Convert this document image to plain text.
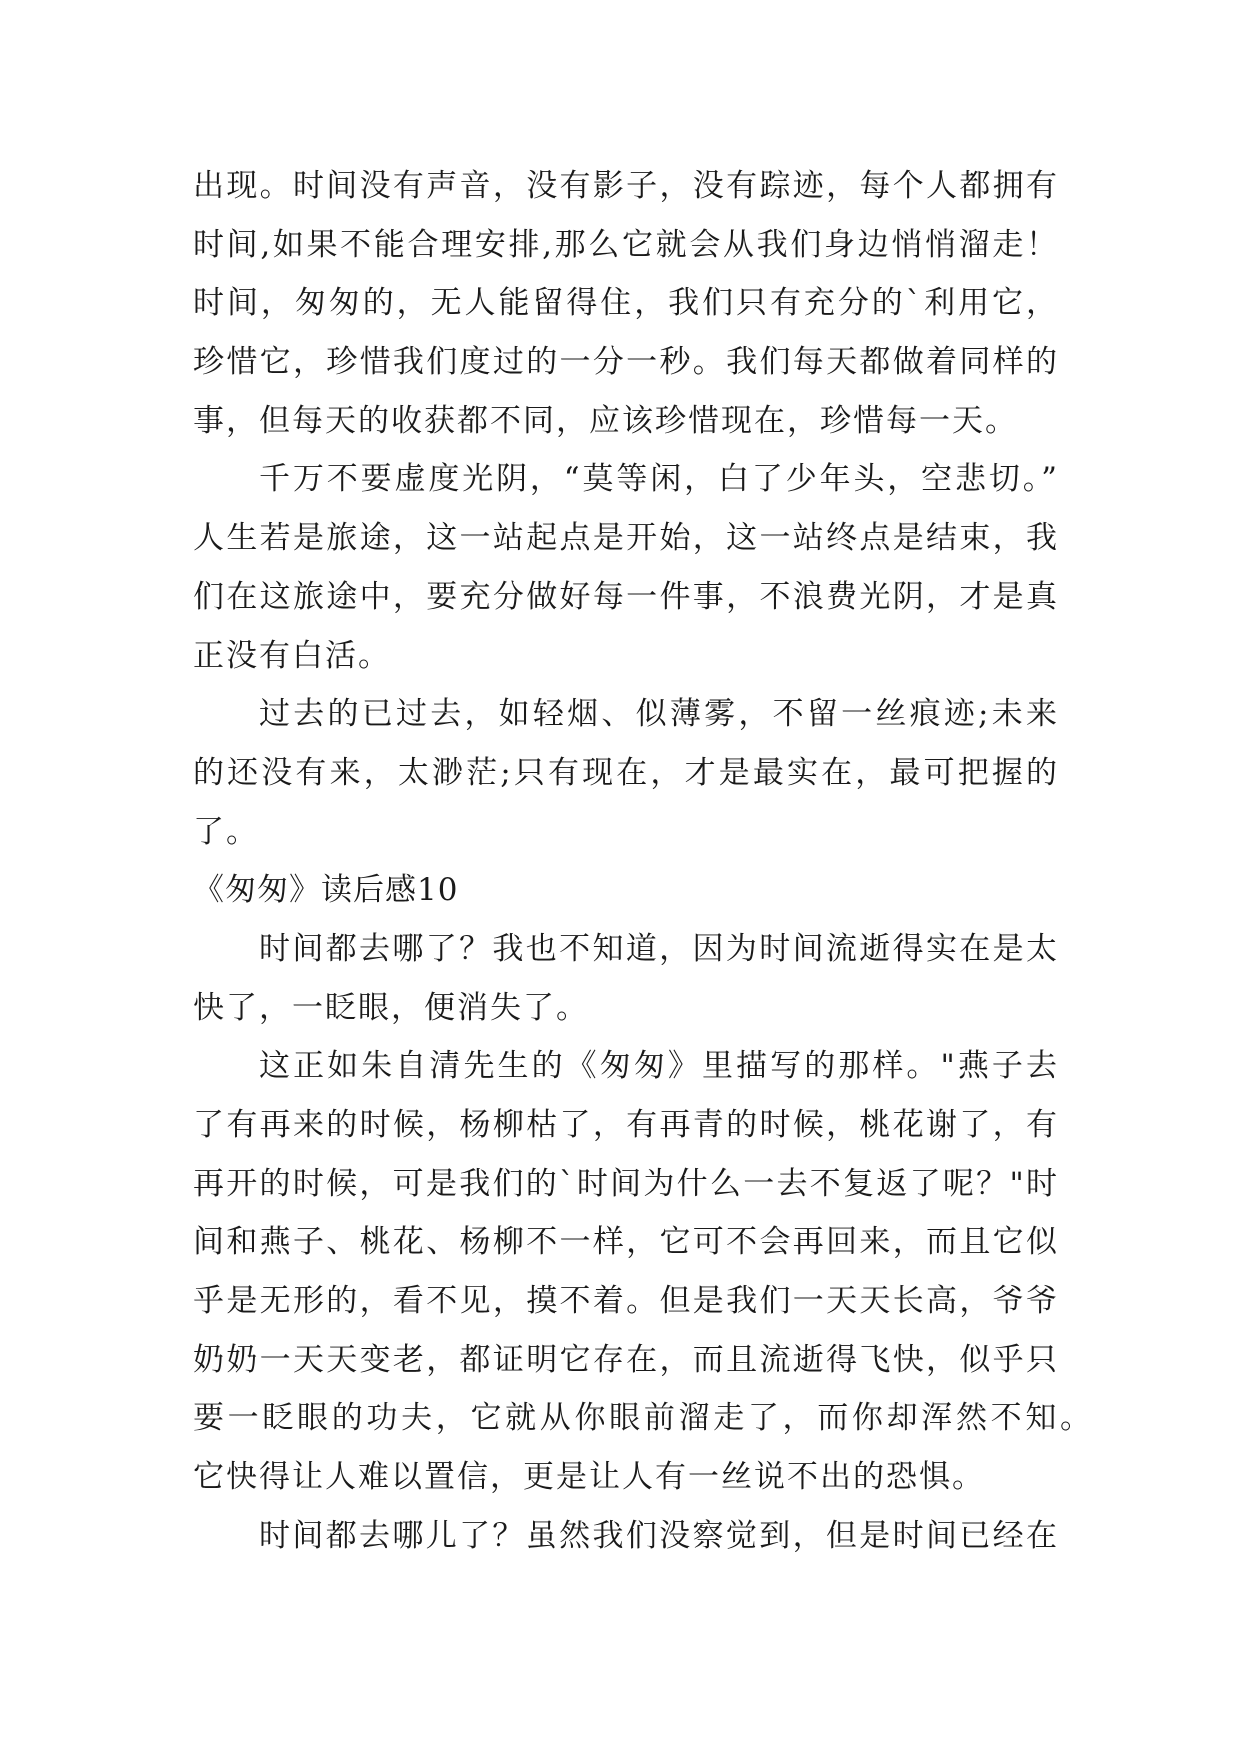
出现。时间没有声音，没有影子，没有踪迹，每个人都拥有
时间,如果不能合理安排,那么它就会从我们身边悄悄溜走！
时间，匆匆的，无人能留得住，我们只有充分的`利用它，
珍惜它，珍惜我们度过的一分一秒。我们每天都做着同样的
事，但每天的收获都不同，应该珍惜现在，珍惜每一天。
千万不要虚度光阴，“莫等闲，白了少年头，空悲切。”
人生若是旅途，这一站起点是开始，这一站终点是结束，我
们在这旅途中，要充分做好每一件事，不浪费光阴，才是真
正没有白活。
过去的已过去，如轻烟、似薄雾，不留一丝痕迹;未来
的还没有来，太渺茫;只有现在，才是最实在，最可把握的
了。
《匆匆》读后感10
时间都去哪了？我也不知道，因为时间流逝得实在是太
快了，一眨眼，便消失了。
这正如朱自清先生的《匆匆》里描写的那样。"燕子去
了有再来的时候，杨柳枯了，有再青的时候，桃花谢了，有
再开的时候，可是我们的`时间为什么一去不复返了呢？"时
间和燕子、桃花、杨柳不一样，它可不会再回来，而且它似
乎是无形的，看不见，摸不着。但是我们一天天长高，爷爷
奶奶一天天变老，都证明它存在，而且流逝得飞快，似乎只
要一眨眼的功夫，它就从你眼前溜走了，而你却浑然不知。
它快得让人难以置信，更是让人有一丝说不出的恐惧。
时间都去哪儿了？虽然我们没察觉到，但是时间已经在
